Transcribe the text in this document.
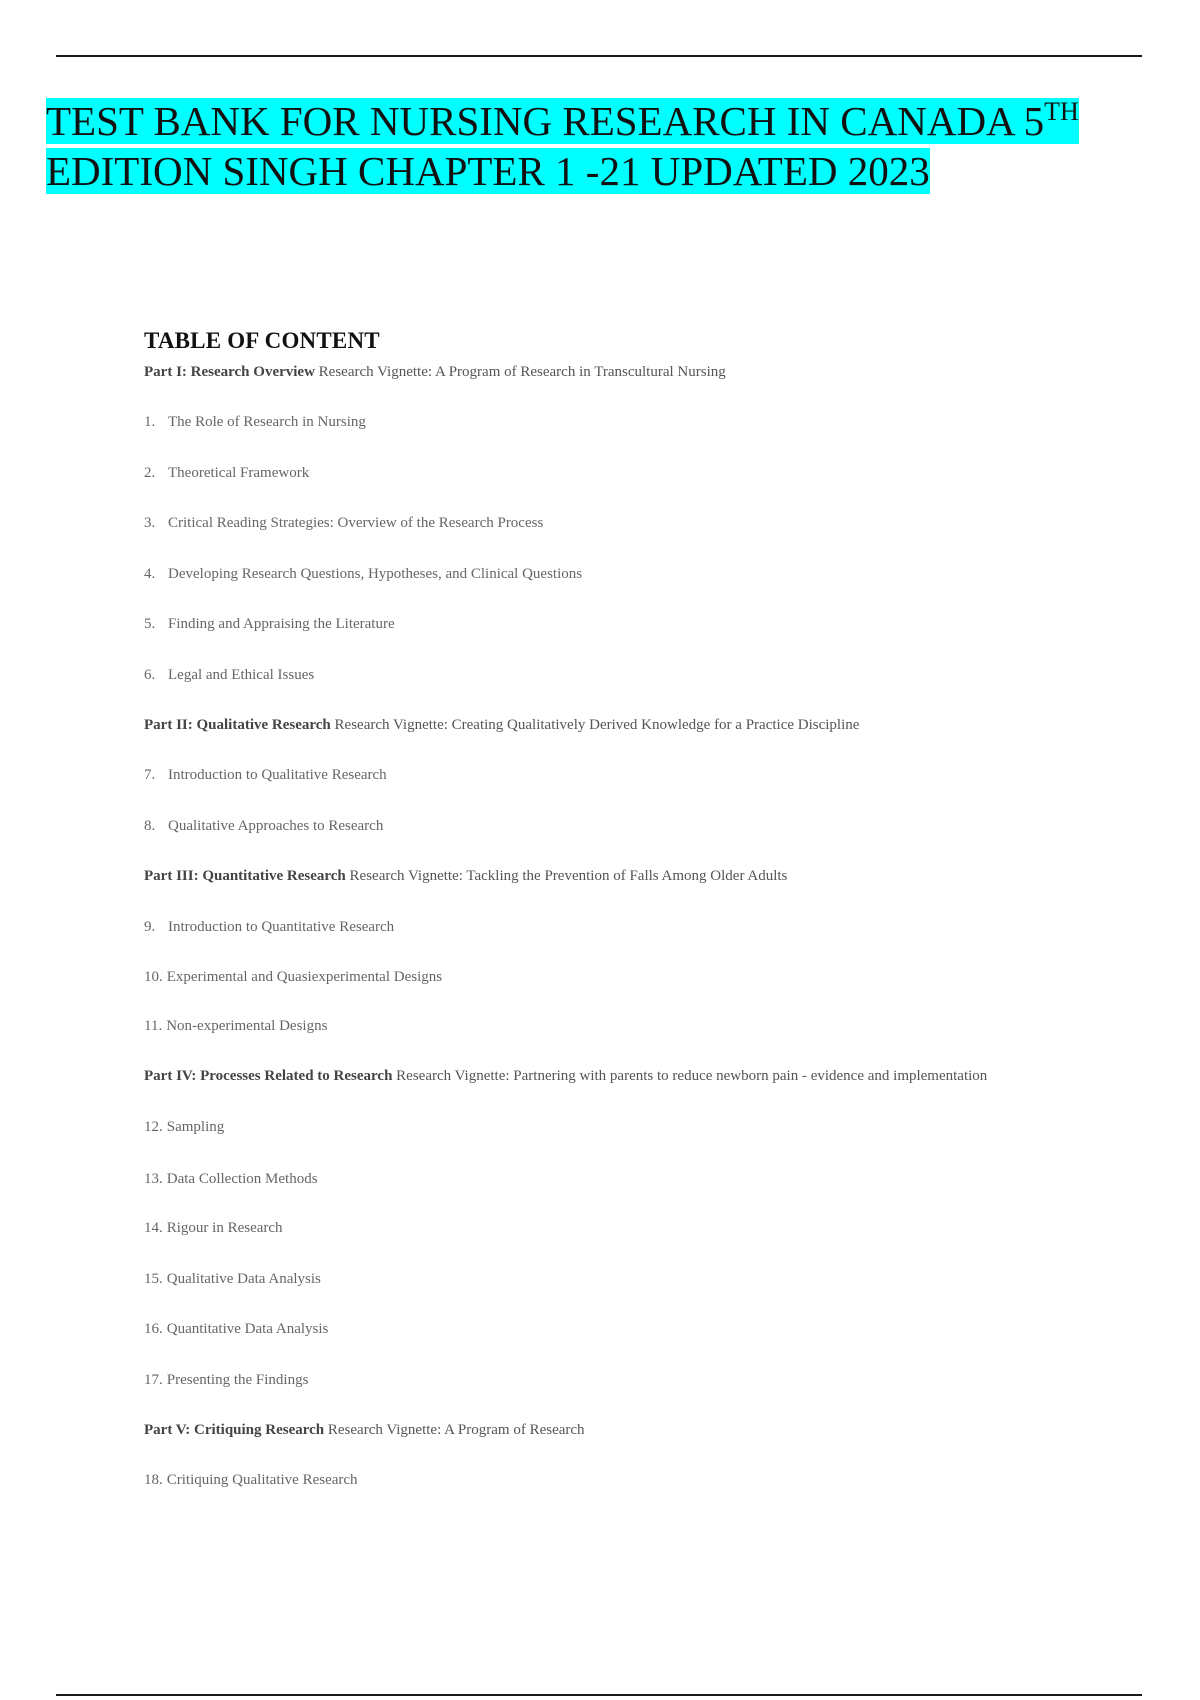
TEST BANK FOR NURSING RESEARCH IN CANADA 5TH
EDITION SINGH CHAPTER 1 -21 UPDATED 2023
TABLE OF CONTENT
Part I: Research Overview Research Vignette: A Program of Research in Transcultural Nursing
1. The Role of Research in Nursing
2. Theoretical Framework
3. Critical Reading Strategies: Overview of the Research Process
4. Developing Research Questions, Hypotheses, and Clinical Questions
5. Finding and Appraising the Literature
6. Legal and Ethical Issues
Part II: Qualitative Research Research Vignette: Creating Qualitatively Derived Knowledge for a Practice Discipline
7. Introduction to Qualitative Research
8. Qualitative Approaches to Research
Part III: Quantitative Research Research Vignette: Tackling the Prevention of Falls Among Older Adults
9. Introduction to Quantitative Research
10. Experimental and Quasiexperimental Designs
11. Non-experimental Designs
Part IV: Processes Related to Research Research Vignette: Partnering with parents to reduce newborn pain - evidence and implementation
12. Sampling
13. Data Collection Methods
14. Rigour in Research
15. Qualitative Data Analysis
16. Quantitative Data Analysis
17. Presenting the Findings
Part V: Critiquing Research Research Vignette: A Program of Research
18. Critiquing Qualitative Research
